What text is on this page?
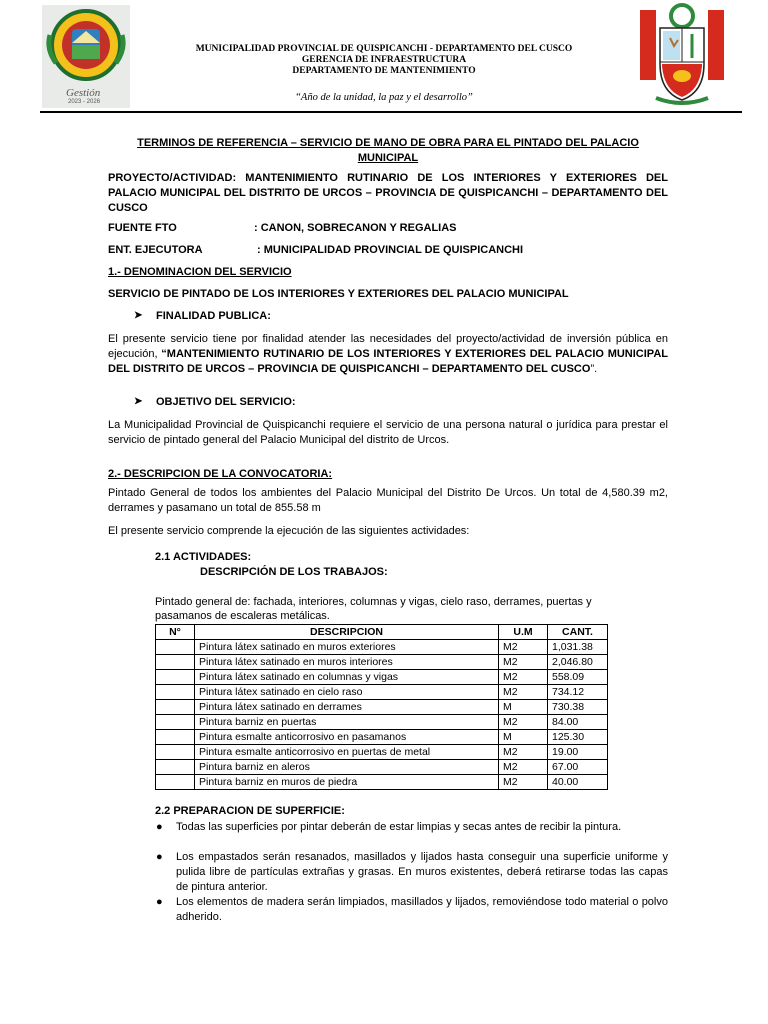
Gestión
2023 - 2026
MUNICIPALIDAD PROVINCIAL DE QUISPICANCHI - DEPARTAMENTO DEL CUSCO
GERENCIA DE INFRAESTRUCTURA
DEPARTAMENTO DE MANTENIMIENTO
“Año de la unidad, la paz y el desarrollo”
TERMINOS DE REFERENCIA – SERVICIO DE MANO DE OBRA PARA EL PINTADO DEL PALACIO
MUNICIPAL
PROYECTO/ACTIVIDAD: MANTENIMIENTO RUTINARIO DE LOS INTERIORES Y EXTERIORES DEL PALACIO MUNICIPAL DEL DISTRITO DE URCOS – PROVINCIA DE QUISPICANCHI – DEPARTAMENTO DEL CUSCO
FUENTE FTO	: CANON, SOBRECANON Y REGALIAS
ENT. EJECUTORA	: MUNICIPALIDAD PROVINCIAL DE QUISPICANCHI
1.- DENOMINACION DEL SERVICIO
SERVICIO DE PINTADO DE LOS INTERIORES Y EXTERIORES DEL PALACIO MUNICIPAL
➤ FINALIDAD PUBLICA:
El presente servicio tiene por finalidad atender las necesidades del proyecto/actividad de inversión pública en ejecución, “MANTENIMIENTO RUTINARIO DE LOS INTERIORES Y EXTERIORES DEL PALACIO MUNICIPAL DEL DISTRITO DE URCOS – PROVINCIA DE QUISPICANCHI – DEPARTAMENTO DEL CUSCO”.
➤ OBJETIVO DEL SERVICIO:
La Municipalidad Provincial de Quispicanchi requiere el servicio de una persona natural o jurídica para prestar el servicio de pintado general del Palacio Municipal del distrito de Urcos.
2.- DESCRIPCION DE LA CONVOCATORIA:
Pintado General de todos los ambientes del Palacio Municipal del Distrito De Urcos. Un total de 4,580.39 m2, derrames y pasamano un total de 855.58 m
El presente servicio comprende la ejecución de las siguientes actividades:
2.1 ACTIVIDADES:
DESCRIPCIÓN DE LOS TRABAJOS:
Pintado general de: fachada, interiores, columnas y vigas, cielo raso, derrames, puertas y pasamanos de escaleras metálicas.
N°	DESCRIPCION	U.M	CANT.
	Pintura látex satinado en muros exteriores	M2	1,031.38
	Pintura látex satinado en muros interiores	M2	2,046.80
	Pintura látex satinado en columnas y vigas	M2	558.09
	Pintura látex satinado en cielo raso	M2	734.12
	Pintura látex satinado en derrames	M	730.38
	Pintura barniz en puertas	M2	84.00
	Pintura esmalte anticorrosivo en pasamanos	M	125.30
	Pintura esmalte anticorrosivo en puertas de metal	M2	19.00
	Pintura barniz en aleros	M2	67.00
	Pintura barniz en muros de piedra	M2	40.00
2.2 PREPARACION DE SUPERFICIE:
● Todas las superficies por pintar deberán de estar limpias y secas antes de recibir la pintura.
● Los empastados serán resanados, masillados y lijados hasta conseguir una superficie uniforme y pulida libre de partículas extrañas y grasas. En muros existentes, deberá retirarse todas las capas de pintura anterior.
● Los elementos de madera serán limpiados, masillados y lijados, removiéndose todo material o polvo adherido.
